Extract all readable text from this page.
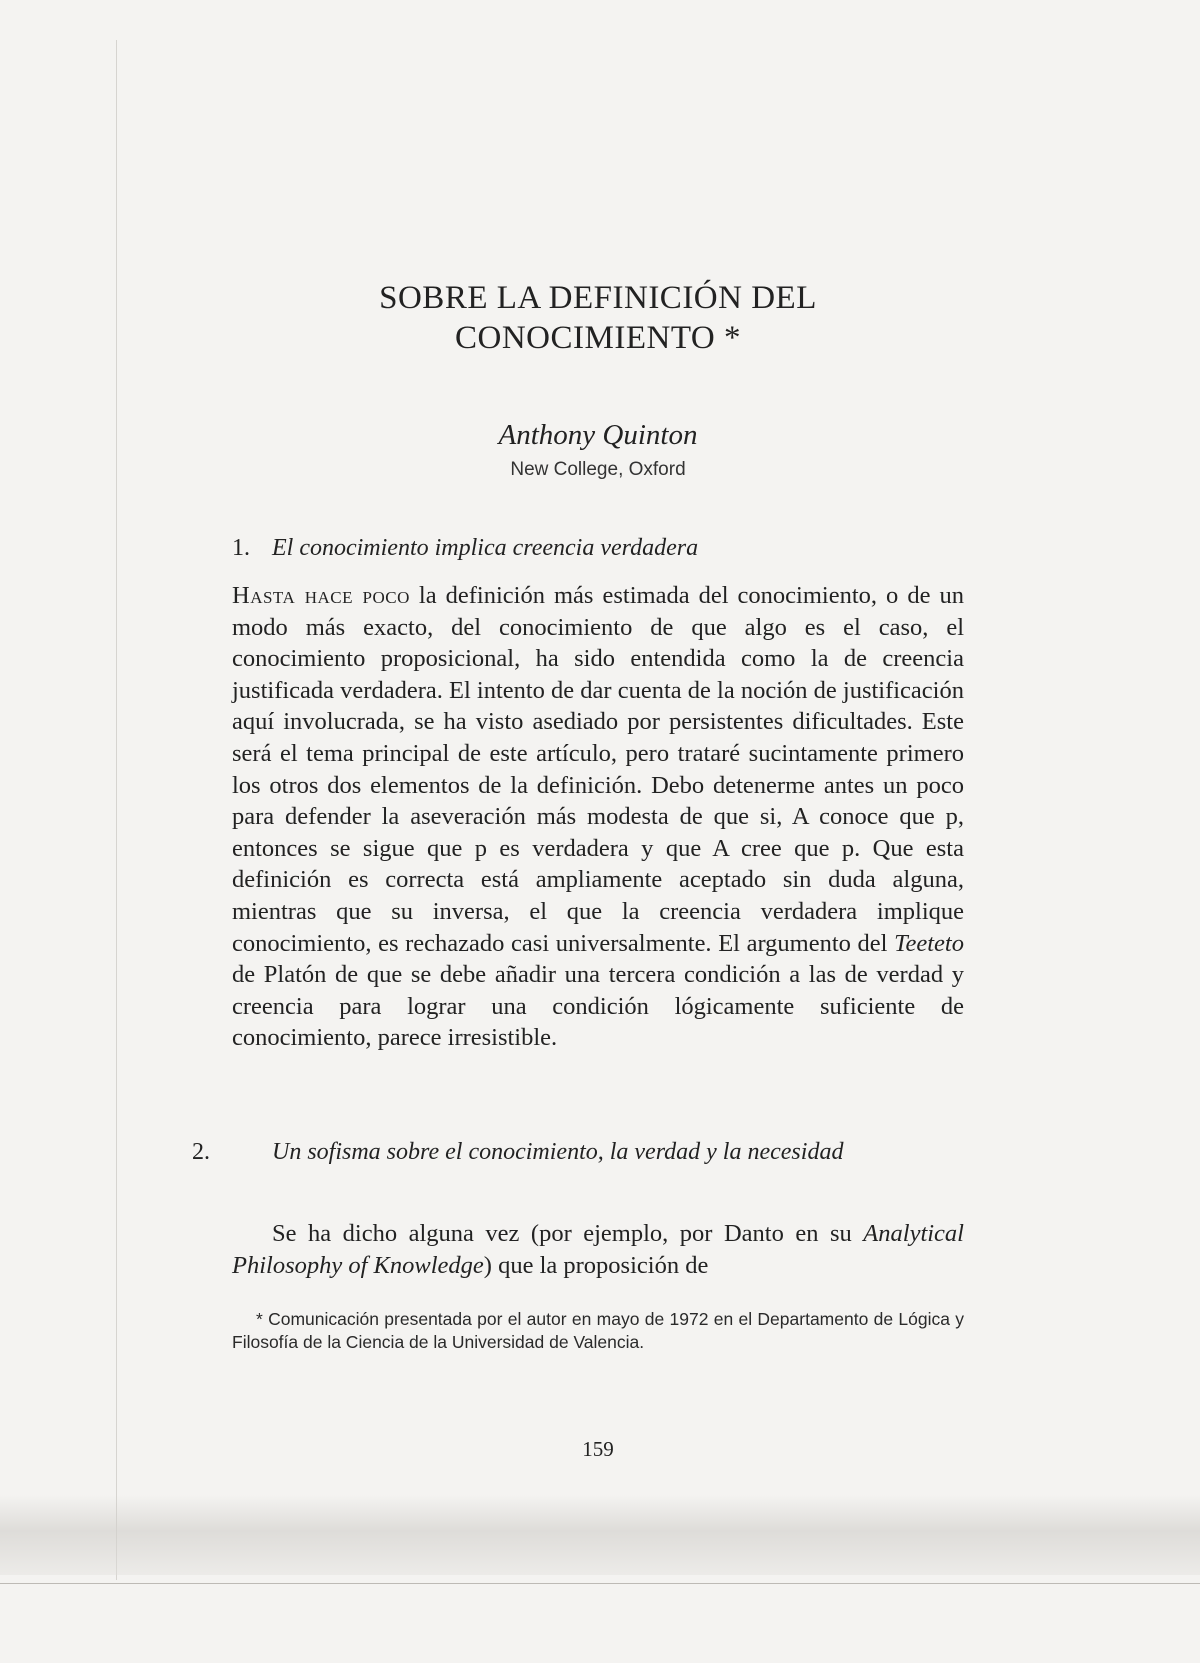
SOBRE LA DEFINICIÓN DEL
CONOCIMIENTO *
Anthony Quinton
New College, Oxford
1. El conocimiento implica creencia verdadera

Hasta hace poco la definición más estimada del conocimiento, o de un modo más exacto, del conocimiento de que algo es el caso, el conocimiento proposicional, ha sido entendida como la de creencia justificada verdadera. El intento de dar cuenta de la noción de justificación aquí involucrada, se ha visto asediado por persistentes dificultades. Este será el tema principal de este artículo, pero trataré sucintamente primero los otros dos elementos de la definición. Debo detenerme antes un poco para defender la aseveración más modesta de que si, A conoce que p, entonces se sigue que p es verdadera y que A cree que p. Que esta definición es correcta está ampliamente aceptado sin duda alguna, mientras que su inversa, el que la creencia verdadera implique conocimiento, es rechazado casi universalmente. El argumento del Teeteto de Platón de que se debe añadir una tercera condición a las de verdad y creencia para lograr una condición lógicamente suficiente de conocimiento, parece irresistible.

2.	Un sofisma sobre el conocimiento, la verdad y la necesidad

Se ha dicho alguna vez (por ejemplo, por Danto en su Analytical Philosophy of Knowledge) que la proposición de

* Comunicación presentada por el autor en mayo de 1972 en el Departamento de Lógica y Filosofía de la Ciencia de la Universidad de Valencia.

159
